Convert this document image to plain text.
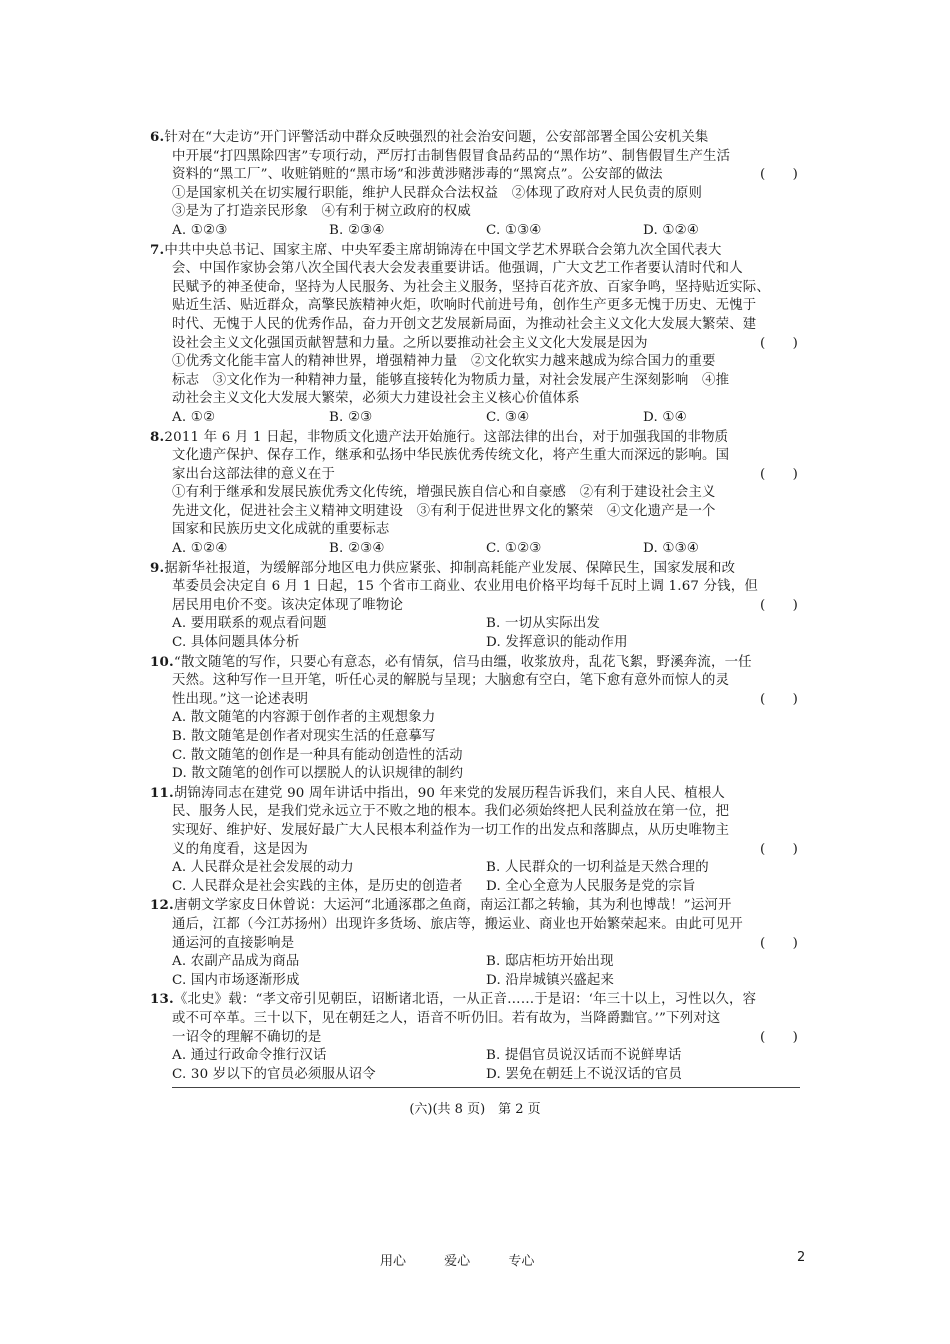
6.针对在“大走访”开门评警活动中群众反映强烈的社会治安问题，公安部部署全国公安机关集
中开展“打四黑除四害”专项行动，严厉打击制售假冒食品药品的“黑作坊”、制售假冒生产生活
(　　)
资料的“黑工厂”、收赃销赃的“黑市场”和涉黄涉赌涉毒的“黑窝点”。公安部的做法
①是国家机关在切实履行职能，维护人民群众合法权益　②体现了政府对人民负责的原则
③是为了打造亲民形象　④有利于树立政府的权威
A. ①②③	B. ②③④	C. ①③④	D. ①②④
7.中共中央总书记、国家主席、中央军委主席胡锦涛在中国文学艺术界联合会第九次全国代表大
会、中国作家协会第八次全国代表大会发表重要讲话。他强调，广大文艺工作者要认清时代和人
民赋予的神圣使命，坚持为人民服务、为社会主义服务，坚持百花齐放、百家争鸣，坚持贴近实际、
贴近生活、贴近群众，高擎民族精神火炬，吹响时代前进号角，创作生产更多无愧于历史、无愧于
时代、无愧于人民的优秀作品，奋力开创文艺发展新局面，为推动社会主义文化大发展大繁荣、建
(　　)
设社会主义文化强国贡献智慧和力量。之所以要推动社会主义文化大发展是因为
①优秀文化能丰富人的精神世界，增强精神力量　②文化软实力越来越成为综合国力的重要
标志　③文化作为一种精神力量，能够直接转化为物质力量，对社会发展产生深刻影响　④推
动社会主义文化大发展大繁荣，必须大力建设社会主义核心价值体系
A. ①②	B. ②③	C. ③④	D. ①④
8.2011 年 6 月 1 日起，非物质文化遗产法开始施行。这部法律的出台，对于加强我国的非物质
文化遗产保护、保存工作，继承和弘扬中华民族优秀传统文化，将产生重大而深远的影响。国
(　　)
家出台这部法律的意义在于
①有利于继承和发展民族优秀文化传统，增强民族自信心和自豪感　②有利于建设社会主义
先进文化，促进社会主义精神文明建设　③有利于促进世界文化的繁荣　④文化遗产是一个
国家和民族历史文化成就的重要标志
A. ①②④	B. ②③④	C. ①②③	D. ①③④
9.据新华社报道，为缓解部分地区电力供应紧张、抑制高耗能产业发展、保障民生，国家发展和改
革委员会决定自 6 月 1 日起，15 个省市工商业、农业用电价格平均每千瓦时上调 1.67 分钱，但
(　　)
居民用电价不变。该决定体现了唯物论
A. 要用联系的观点看问题	B. 一切从实际出发
C. 具体问题具体分析	D. 发挥意识的能动作用
10.“散文随笔的写作，只要心有意态，必有情氛，信马由缰，收浆放舟，乱花飞絮，野溪奔流，一任
天然。这种写作一旦开笔，听任心灵的解脱与呈现；大脑愈有空白，笔下愈有意外而惊人的灵
(　　)
性出现。”这一论述表明
A. 散文随笔的内容源于创作者的主观想象力
B. 散文随笔是创作者对现实生活的任意摹写
C. 散文随笔的创作是一种具有能动创造性的活动
D. 散文随笔的创作可以摆脱人的认识规律的制约
11.胡锦涛同志在建党 90 周年讲话中指出，90 年来党的发展历程告诉我们，来自人民、植根人
民、服务人民，是我们党永远立于不败之地的根本。我们必须始终把人民利益放在第一位，把
实现好、维护好、发展好最广大人民根本利益作为一切工作的出发点和落脚点，从历史唯物主
(　　)
义的角度看，这是因为
A. 人民群众是社会发展的动力	B. 人民群众的一切利益是天然合理的
C. 人民群众是社会实践的主体，是历史的创造者	D. 全心全意为人民服务是党的宗旨
12.唐朝文学家皮日休曾说：大运河“北通涿郡之鱼商，南运江都之转输，其为利也博哉！”运河开
通后，江都（今江苏扬州）出现许多货场、旅店等，搬运业、商业也开始繁荣起来。由此可见开
(　　)
通运河的直接影响是
A. 农副产品成为商品	B. 邸店柜坊开始出现
C. 国内市场逐渐形成	D. 沿岸城镇兴盛起来
13.《北史》载：“孝文帝引见朝臣，诏断诸北语，一从正音……于是诏：‘年三十以上，习性以久，容
或不可卒革。三十以下，见在朝廷之人，语音不听仍旧。若有故为，当降爵黜官。’”下列对这
(　　)
一诏令的理解不确切的是
A. 通过行政命令推行汉话	B. 提倡官员说汉话而不说鲜卑话
C. 30 岁以下的官员必须服从诏令	D. 罢免在朝廷上不说汉话的官员
(六)(共 8 页)　第 2 页
用心	爱心	专心	2
